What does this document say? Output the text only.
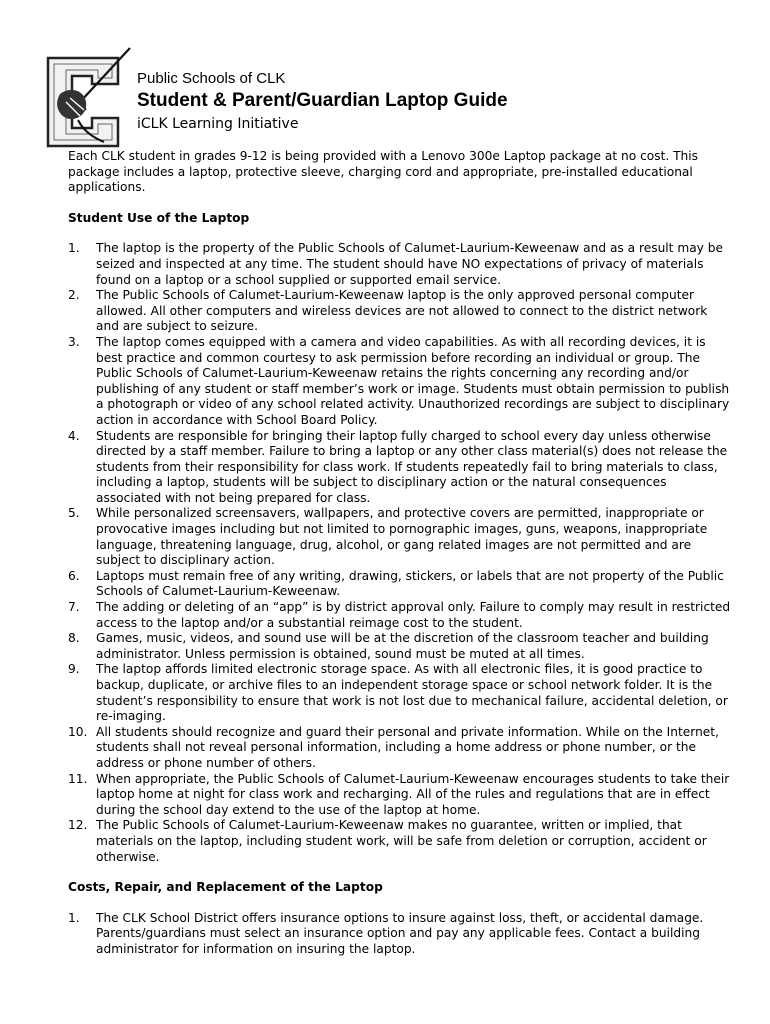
Public Schools of CLK
Student & Parent/Guardian Laptop Guide
iCLK Learning Initiative

Each CLK student in grades 9-12 is being provided with a Lenovo 300e Laptop package at no cost. This package includes a laptop, protective sleeve, charging cord and appropriate, pre-installed educational applications.

Student Use of the Laptop

1. The laptop is the property of the Public Schools of Calumet-Laurium-Keweenaw and as a result may be seized and inspected at any time. The student should have NO expectations of privacy of materials found on a laptop or a school supplied or supported email service.
2. The Public Schools of Calumet-Laurium-Keweenaw laptop is the only approved personal computer allowed. All other computers and wireless devices are not allowed to connect to the district network and are subject to seizure.
3. The laptop comes equipped with a camera and video capabilities. As with all recording devices, it is best practice and common courtesy to ask permission before recording an individual or group. The Public Schools of Calumet-Laurium-Keweenaw retains the rights concerning any recording and/or publishing of any student or staff member’s work or image. Students must obtain permission to publish a photograph or video of any school related activity. Unauthorized recordings are subject to disciplinary action in accordance with School Board Policy.
4. Students are responsible for bringing their laptop fully charged to school every day unless otherwise directed by a staff member. Failure to bring a laptop or any other class material(s) does not release the students from their responsibility for class work. If students repeatedly fail to bring materials to class, including a laptop, students will be subject to disciplinary action or the natural consequences associated with not being prepared for class.
5. While personalized screensavers, wallpapers, and protective covers are permitted, inappropriate or provocative images including but not limited to pornographic images, guns, weapons, inappropriate language, threatening language, drug, alcohol, or gang related images are not permitted and are subject to disciplinary action.
6. Laptops must remain free of any writing, drawing, stickers, or labels that are not property of the Public Schools of Calumet-Laurium-Keweenaw.
7. The adding or deleting of an “app” is by district approval only. Failure to comply may result in restricted access to the laptop and/or a substantial reimage cost to the student.
8. Games, music, videos, and sound use will be at the discretion of the classroom teacher and building administrator. Unless permission is obtained, sound must be muted at all times.
9. The laptop affords limited electronic storage space. As with all electronic files, it is good practice to backup, duplicate, or archive files to an independent storage space or school network folder. It is the student’s responsibility to ensure that work is not lost due to mechanical failure, accidental deletion, or re-imaging.
10. All students should recognize and guard their personal and private information. While on the Internet, students shall not reveal personal information, including a home address or phone number, or the address or phone number of others.
11. When appropriate, the Public Schools of Calumet-Laurium-Keweenaw encourages students to take their laptop home at night for class work and recharging. All of the rules and regulations that are in effect during the school day extend to the use of the laptop at home.
12. The Public Schools of Calumet-Laurium-Keweenaw makes no guarantee, written or implied, that materials on the laptop, including student work, will be safe from deletion or corruption, accident or otherwise.

Costs, Repair, and Replacement of the Laptop

1. The CLK School District offers insurance options to insure against loss, theft, or accidental damage. Parents/guardians must select an insurance option and pay any applicable fees. Contact a building administrator for information on insuring the laptop.
